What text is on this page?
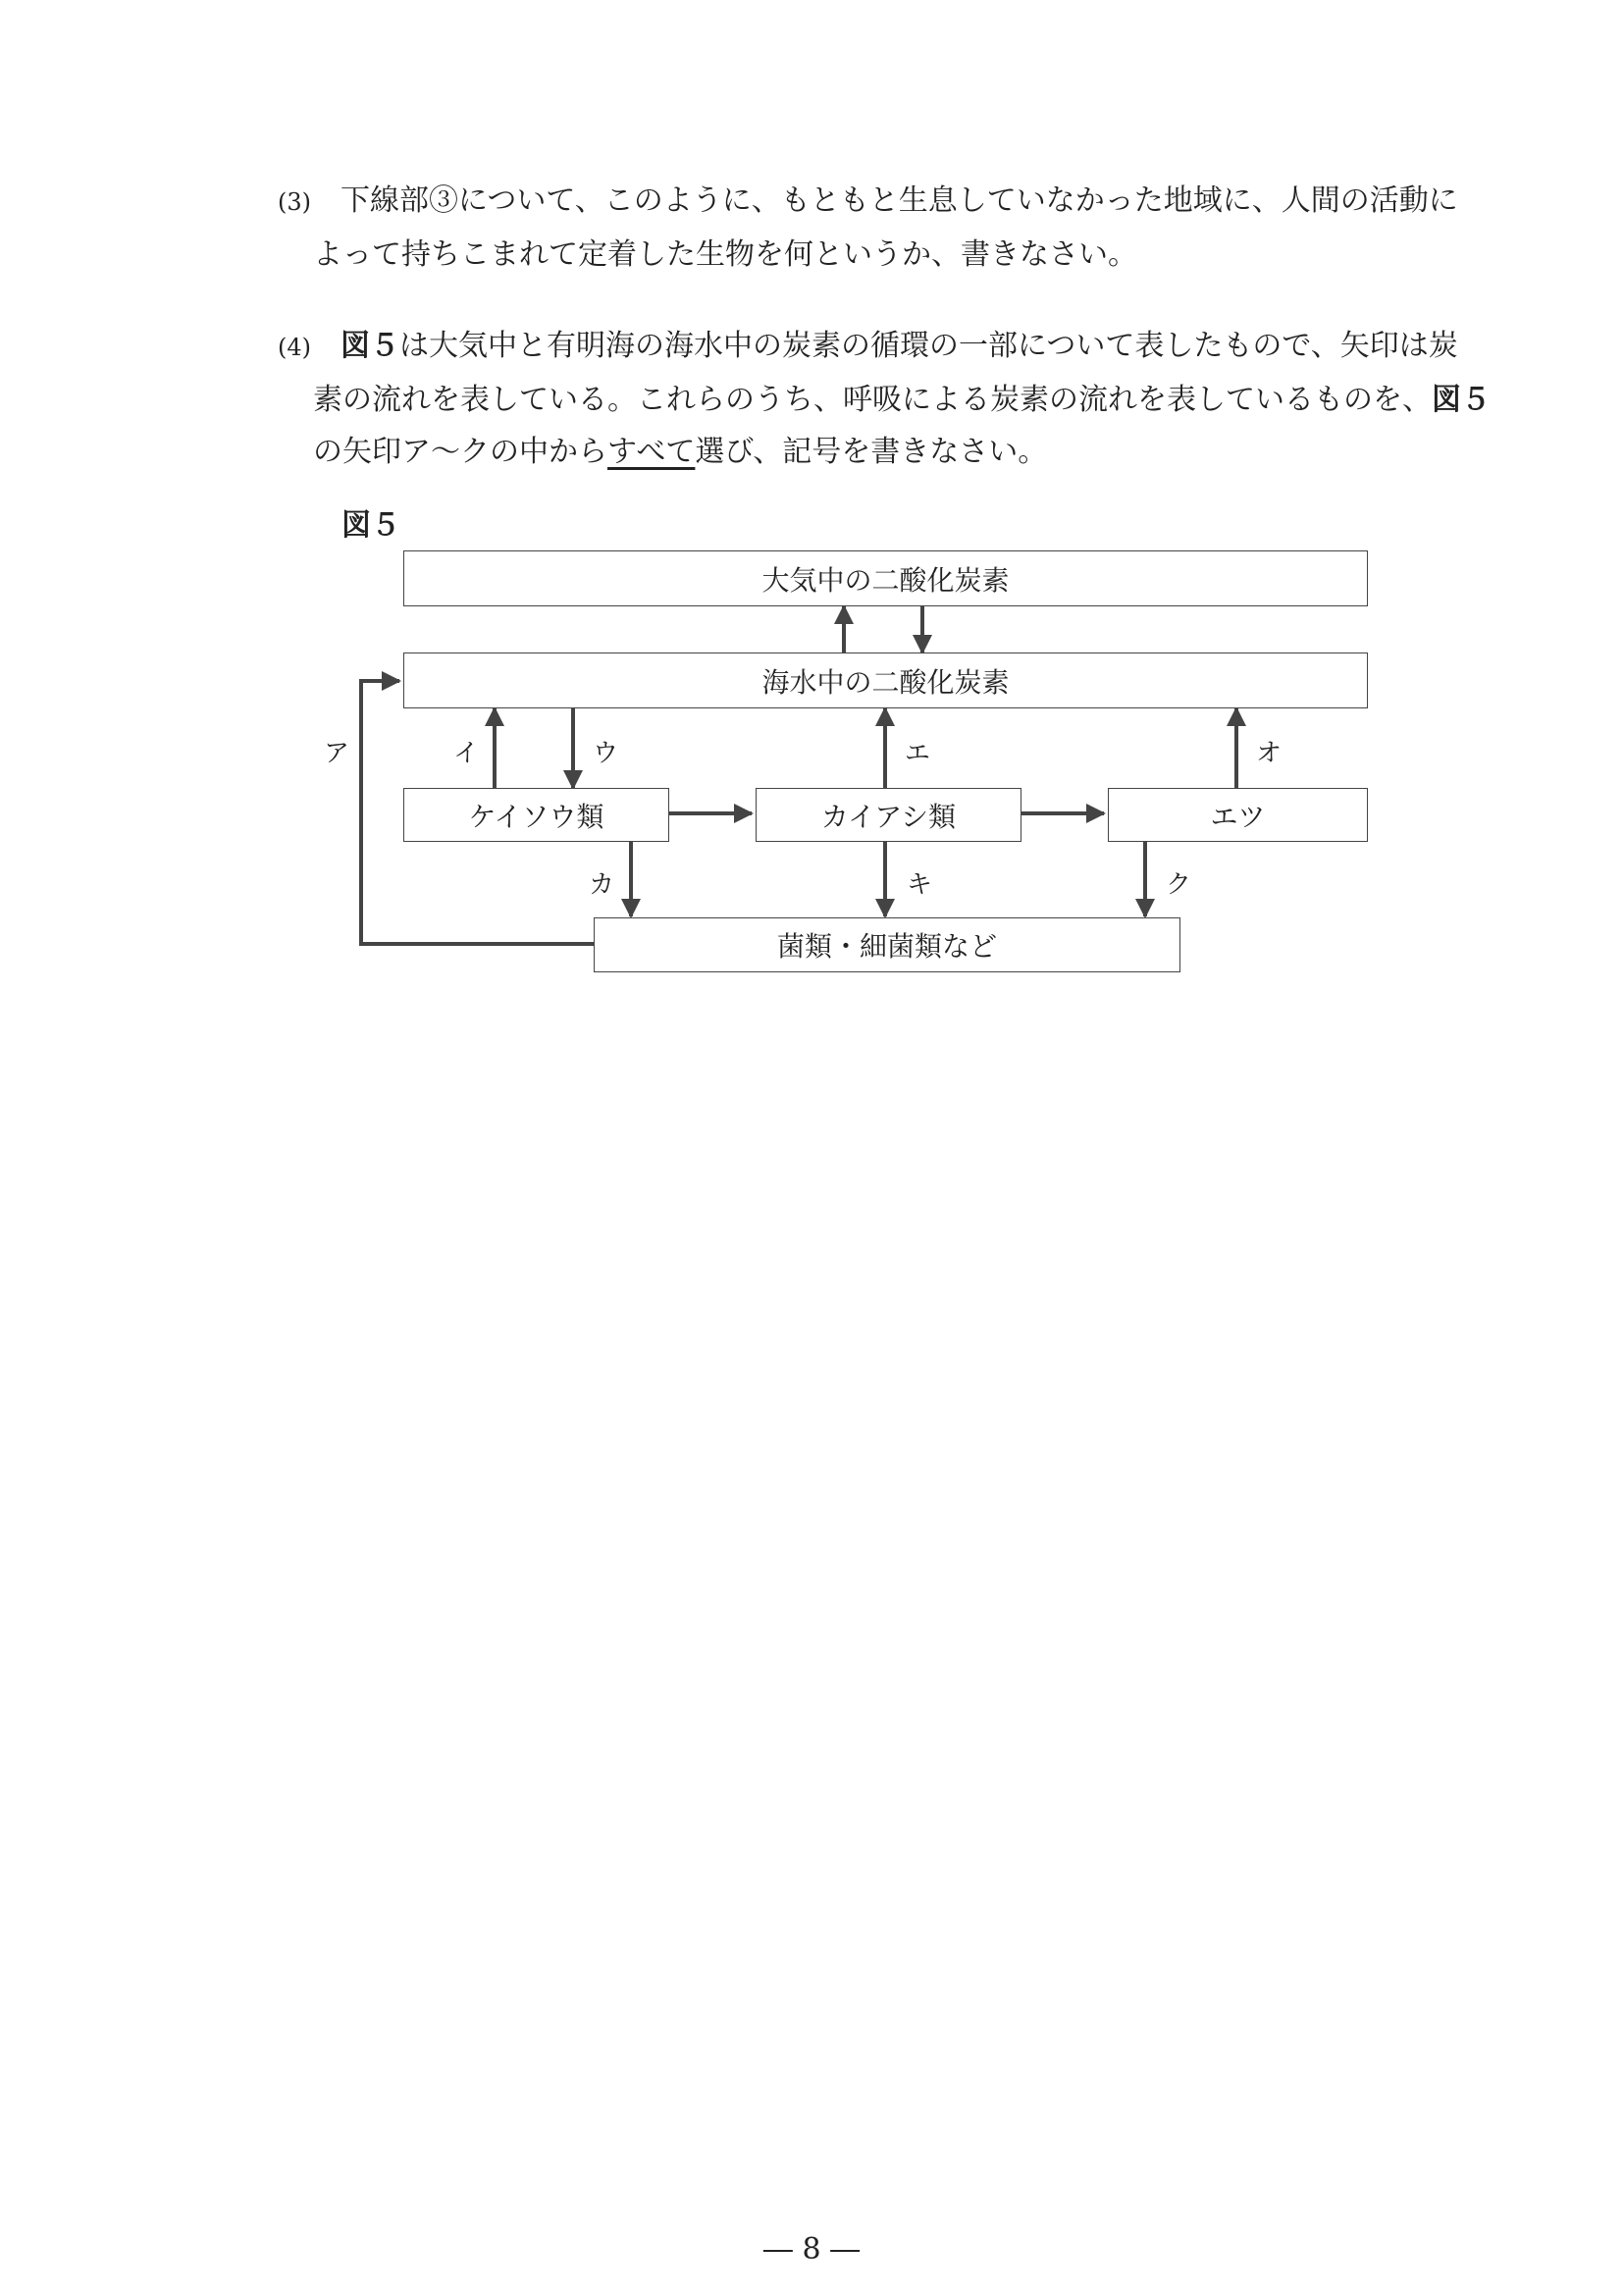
(3) 下線部③について、このように、もともと生息していなかった地域に、人間の活動に
よって持ちこまれて定着した生物を何というか、書きなさい。
(4) 図５は大気中と有明海の海水中の炭素の循環の一部について表したもので、矢印は炭
素の流れを表している。これらのうち、呼吸による炭素の流れを表しているものを、図５
の矢印ア～クの中からすべて選び、記号を書きなさい。
図５
大気中の二酸化炭素
海水中の二酸化炭素
ケイソウ類	カイアシ類	エツ
菌類・細菌類など
ア	イ	ウ	エ	オ
カ	キ	ク
― 8 ―
